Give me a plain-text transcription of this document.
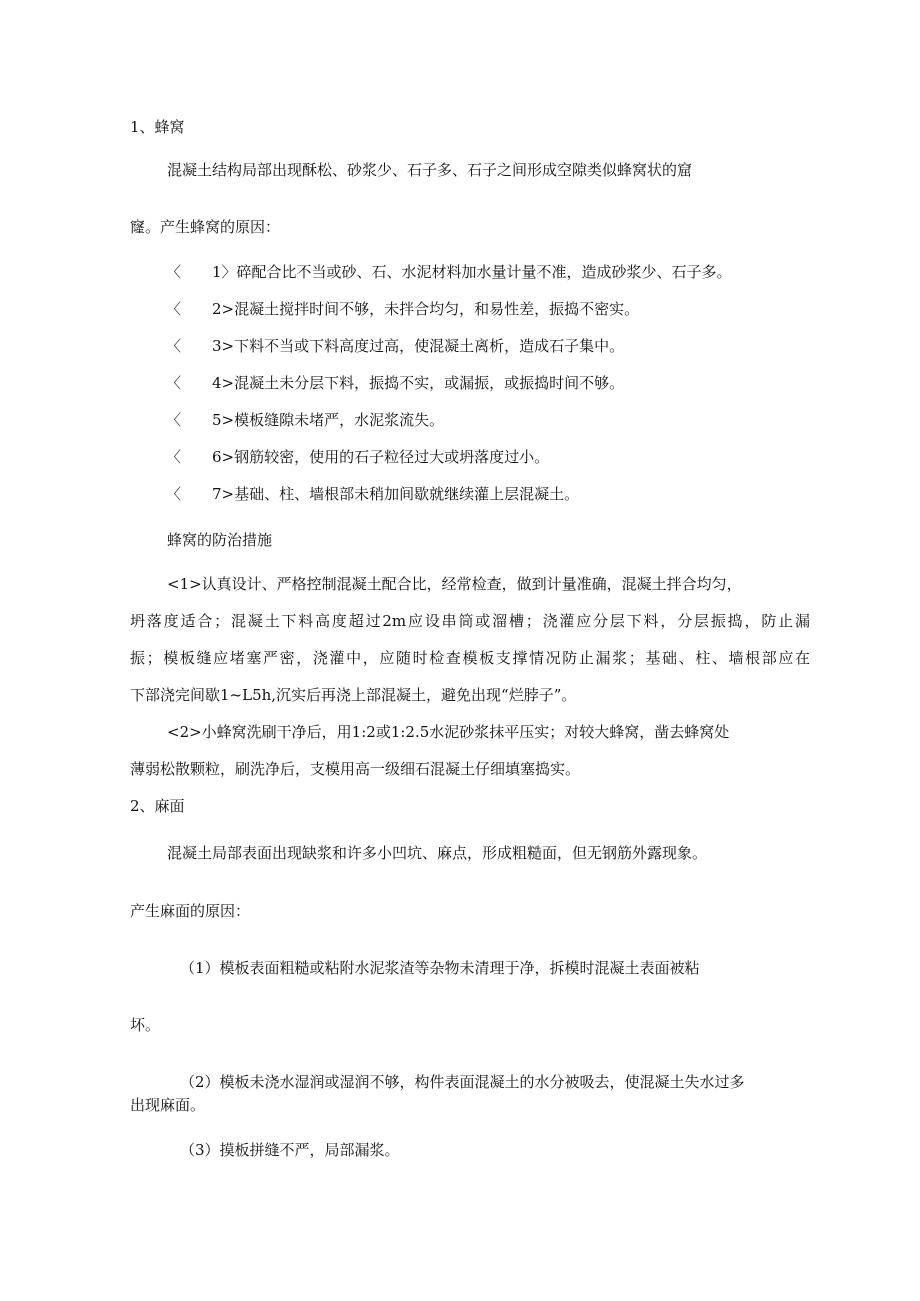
1、蜂窝
混凝土结构局部出现酥松、砂浆少、石子多、石子之间形成空隙类似蜂窝状的窟
窿。产生蜂窝的原因：
〈 1〉碎配合比不当或砂、石、水泥材料加水量计量不准，造成砂浆少、石子多。
〈 2>混凝土搅拌时间不够，未拌合均匀，和易性差，振捣不密实。
〈 3>下料不当或下料高度过高，使混凝土离析，造成石子集中。
〈 4>混凝土未分层下料，振捣不实，或漏振，或振捣时间不够。
〈 5>模板缝隙未堵严，水泥浆流失。
〈 6>钢筋较密，使用的石子粒径过大或坍落度过小。
〈 7>基础、柱、墙根部未稍加间歇就继续灌上层混凝土。
蜂窝的防治措施
<1>认真设计、严格控制混凝土配合比，经常检查，做到计量准确，混凝土拌合均匀，
坍落度适合；混凝土下料高度超过2m应设串筒或溜槽；浇灌应分层下料，分层振捣，防止漏
振；模板缝应堵塞严密，浇灌中，应随时检查模板支撑情况防止漏浆；基础、柱、墙根部应在
下部浇完间歇1~L5h,沉实后再浇上部混凝土，避免出现“烂脖子”。
<2>小蜂窝洗刷干净后，用1:2或1:2.5水泥砂浆抹平压实；对较大蜂窝，凿去蜂窝处
薄弱松散颗粒，刷洗净后，支模用高一级细石混凝土仔细填塞捣实。
2、麻面
混凝土局部表面出现缺浆和许多小凹坑、麻点，形成粗糙面，但无钢筋外露现象。
产生麻面的原因：
（1）模板表面粗糙或粘附水泥浆渣等杂物未清理于净，拆模时混凝土表面被粘
坏。
（2）模板未浇水湿润或湿润不够，构件表面混凝土的水分被吸去，使混凝土失水过多
出现麻面。
（3）摸板拼缝不严，局部漏浆。
